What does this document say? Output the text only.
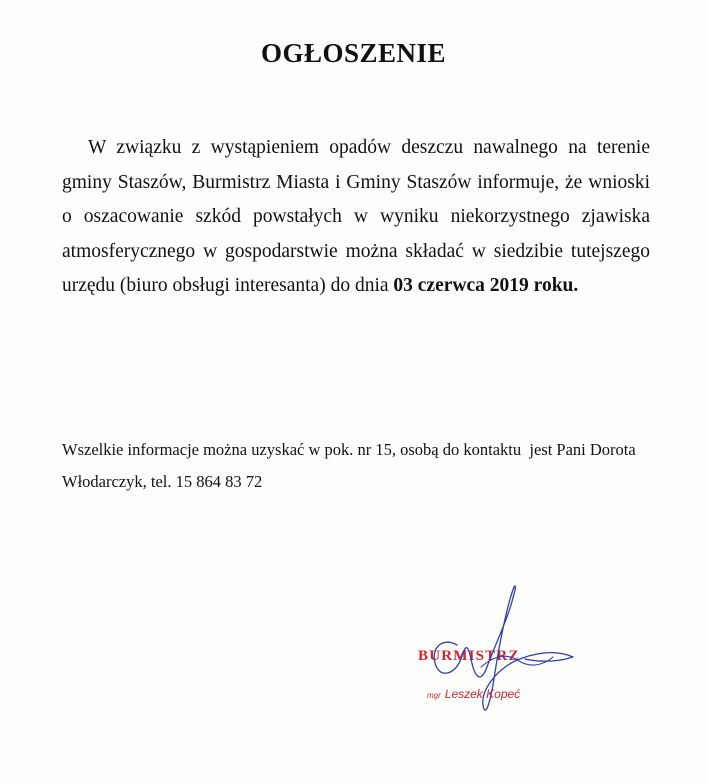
OGŁOSZENIE

W związku z wystąpieniem opadów deszczu nawalnego na terenie gminy Staszów, Burmistrz Miasta i Gminy Staszów informuje, że wnioski o oszacowanie szkód powstałych w wyniku niekorzystnego zjawiska atmosferycznego w gospodarstwie można składać w siedzibie tutejszego urzędu (biuro obsługi interesanta) do dnia 03 czerwca 2019 roku.

Wszelkie informacje można uzyskać w pok. nr 15, osobą do kontaktu  jest Pani Dorota Włodarczyk, tel. 15 864 83 72

BURMISTRZ

mgr Leszek Kopeć
